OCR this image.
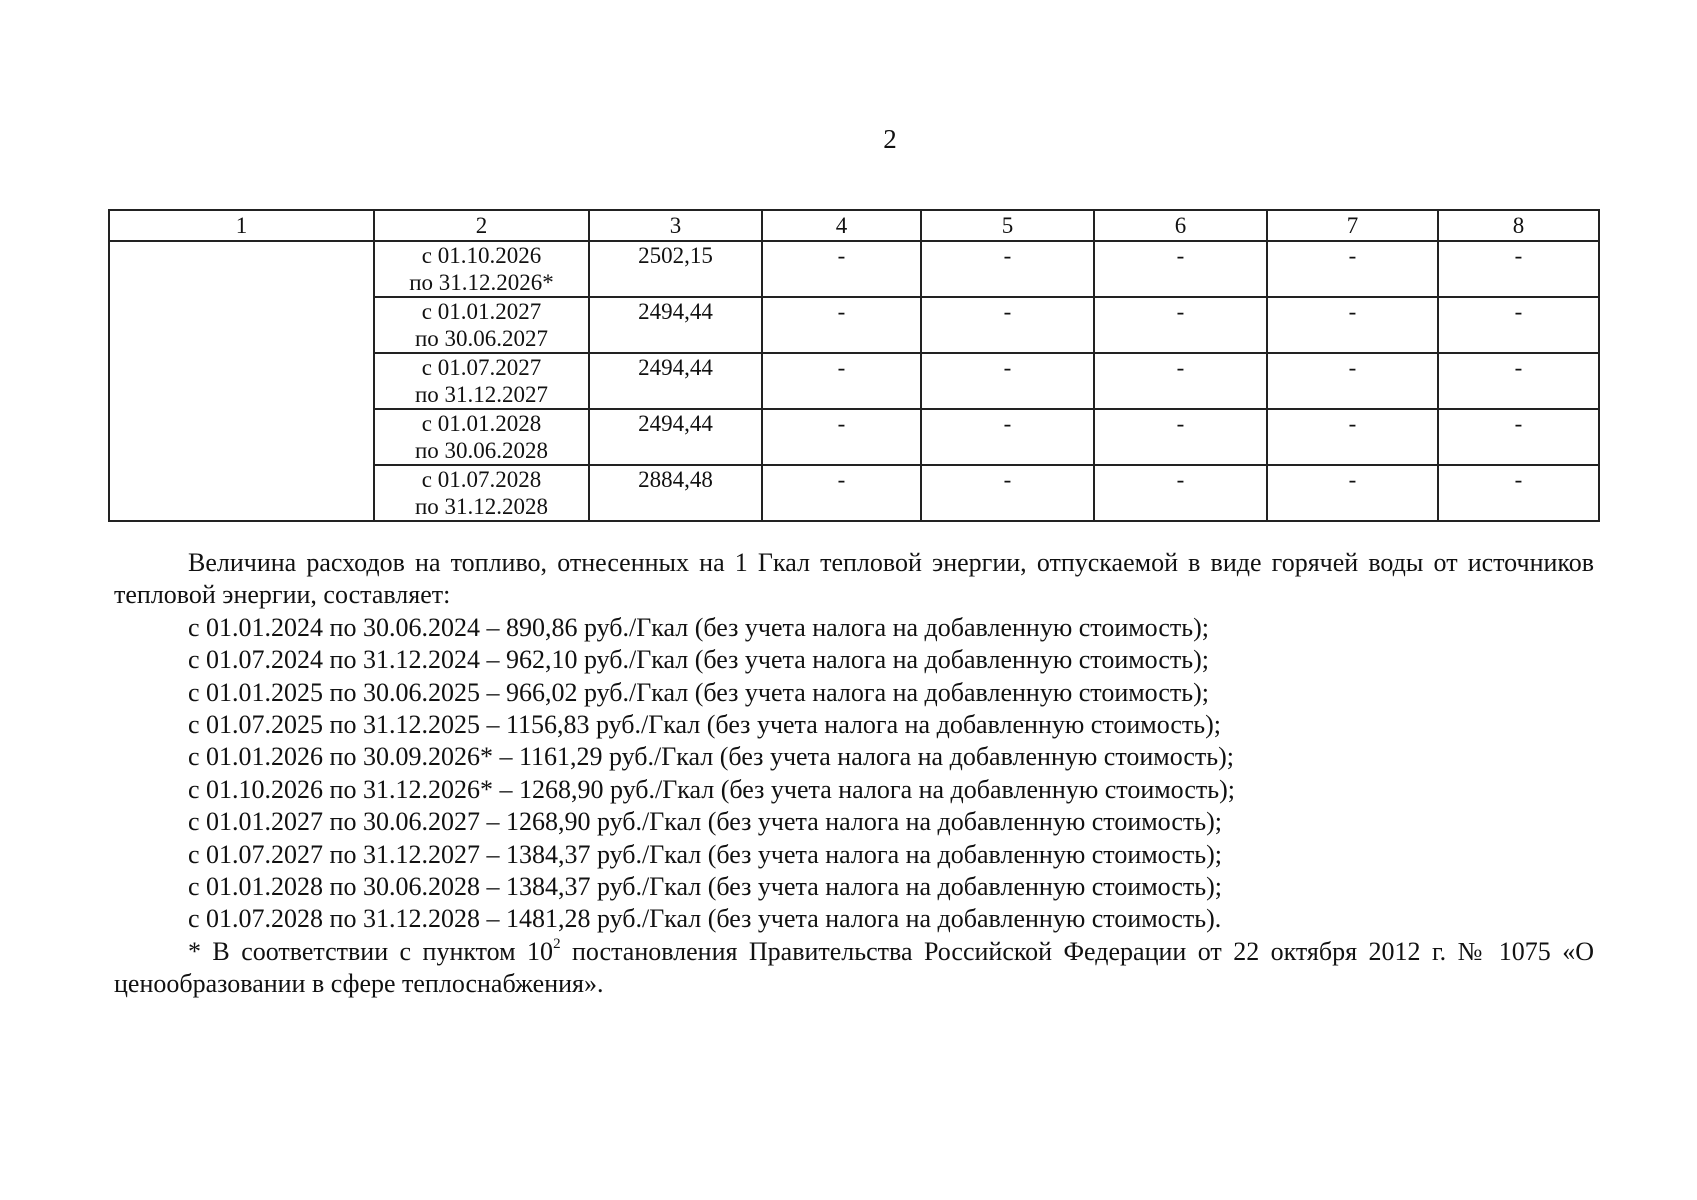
2
1	2	3	4	5	6	7	8

	с 01.10.2026
по 31.12.2026*	2502,15	-	-	-	-	-

	с 01.01.2027
по 30.06.2027	2494,44	-	-	-	-	-

	с 01.07.2027
по 31.12.2027	2494,44	-	-	-	-	-

	с 01.01.2028
по 30.06.2028	2494,44	-	-	-	-	-

	с 01.07.2028
по 31.12.2028	2884,48	-	-	-	-	-

Величина расходов на топливо, отнесенных на 1 Гкал тепловой энергии, отпускаемой в виде горячей воды от источников тепловой энергии, составляет:

с 01.01.2024 по 30.06.2024 – 890,86 руб./Гкал (без учета налога на добавленную стоимость);

с 01.07.2024 по 31.12.2024 – 962,10 руб./Гкал (без учета налога на добавленную стоимость);

с 01.01.2025 по 30.06.2025 – 966,02 руб./Гкал (без учета налога на добавленную стоимость);

с 01.07.2025 по 31.12.2025 – 1156,83 руб./Гкал (без учета налога на добавленную стоимость);

с 01.01.2026 по 30.09.2026* – 1161,29 руб./Гкал (без учета налога на добавленную стоимость);

с 01.10.2026 по 31.12.2026* – 1268,90 руб./Гкал (без учета налога на добавленную стоимость);

с 01.01.2027 по 30.06.2027 – 1268,90 руб./Гкал (без учета налога на добавленную стоимость);

с 01.07.2027 по 31.12.2027 – 1384,37 руб./Гкал (без учета налога на добавленную стоимость);

с 01.01.2028 по 30.06.2028 – 1384,37 руб./Гкал (без учета налога на добавленную стоимость);

с 01.07.2028 по 31.12.2028 – 1481,28 руб./Гкал (без учета налога на добавленную стоимость).

* В соответствии с пунктом $10^2$ постановления Правительства Российской Федерации от 22 октября 2012 г. № 1075 «О ценообразовании в сфере теплоснабжения».
